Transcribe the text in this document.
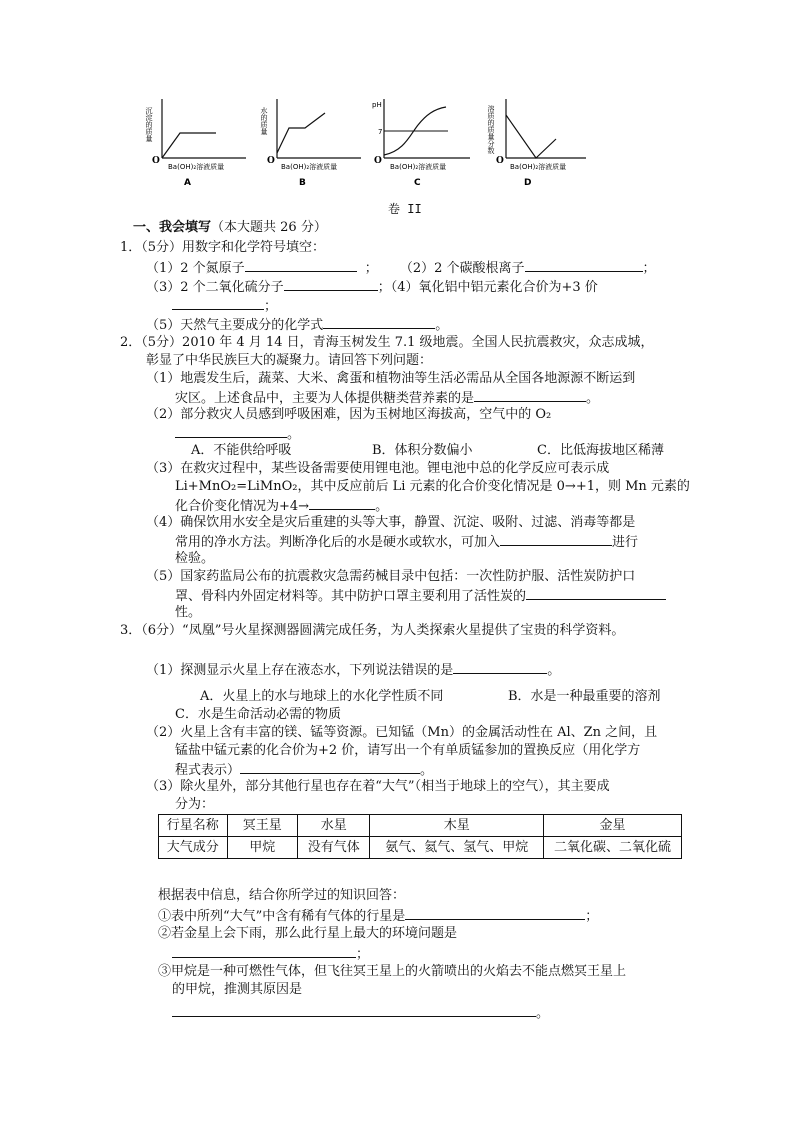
沉淀的质量
O
Ba(OH)₂溶液质量
A
水的质量
O
Ba(OH)₂溶液质量
B
pH
7
O
Ba(OH)₂溶液质量
C
溶质的质量分数
O
Ba(OH)₂溶液质量
D
卷 II
一、我会填写（本大题共 26 分）
1．（5分）用数字和化学符号填空：
（1）2 个氮原子	； （2）2 个碳酸根离子	；
（3）2 个二氧化硫分子	；（4）氧化铝中铝元素化合价为+3 价
；
（5）天然气主要成分的化学式	。
2．（5分）2010 年 4 月 14 日，青海玉树发生 7.1 级地震。全国人民抗震救灾，众志成城，
彰显了中华民族巨大的凝聚力。请回答下列问题：
（1）地震发生后，蔬菜、大米、禽蛋和植物油等生活必需品从全国各地源源不断运到
灾区。上述食品中，主要为人体提供糖类营养素的是	。
（2）部分救灾人员感到呼吸困难，因为玉树地区海拔高，空气中的 O₂
。
A．不能供给呼吸	B．体积分数偏小	C．比低海拔地区稀薄
（3）在救灾过程中，某些设备需要使用锂电池。锂电池中总的化学反应可表示成
Li+MnO₂=LiMnO₂，其中反应前后 Li 元素的化合价变化情况是 0→+1，则 Mn 元素的
化合价变化情况为+4→	。
（4）确保饮用水安全是灾后重建的头等大事，静置、沉淀、吸附、过滤、消毒等都是
常用的净水方法。判断净化后的水是硬水或软水，可加入	进行
检验。
（5）国家药监局公布的抗震救灾急需药械目录中包括：一次性防护服、活性炭防护口
罩、骨科内外固定材料等。其中防护口罩主要利用了活性炭的
性。
3．（6分）“凤凰”号火星探测器圆满完成任务，为人类探索火星提供了宝贵的科学资料。
（1）探测显示火星上存在液态水，下列说法错误的是	。
A．火星上的水与地球上的水化学性质不同	B．水是一种最重要的溶剂
C．水是生命活动必需的物质
（2）火星上含有丰富的镁、锰等资源。已知锰（Mn）的金属活动性在 Al、Zn 之间，且
锰盐中锰元素的化合价为+2 价，请写出一个有单质锰参加的置换反应（用化学方
程式表示）	。
（3）除火星外，部分其他行星也存在着“大气”（相当于地球上的空气），其主要成
分为：
行星名称	冥王星	水星	木星	金星
大气成分	甲烷	没有气体	氨气、氦气、氢气、甲烷	二氧化碳、二氧化硫
根据表中信息，结合你所学过的知识回答：
①表中所列“大气”中含有稀有气体的行星是	；
②若金星上会下雨，那么此行星上最大的环境问题是
；
③甲烷是一种可燃性气体，但飞往冥王星上的火箭喷出的火焰去不能点燃冥王星上
的甲烷，推测其原因是
。
